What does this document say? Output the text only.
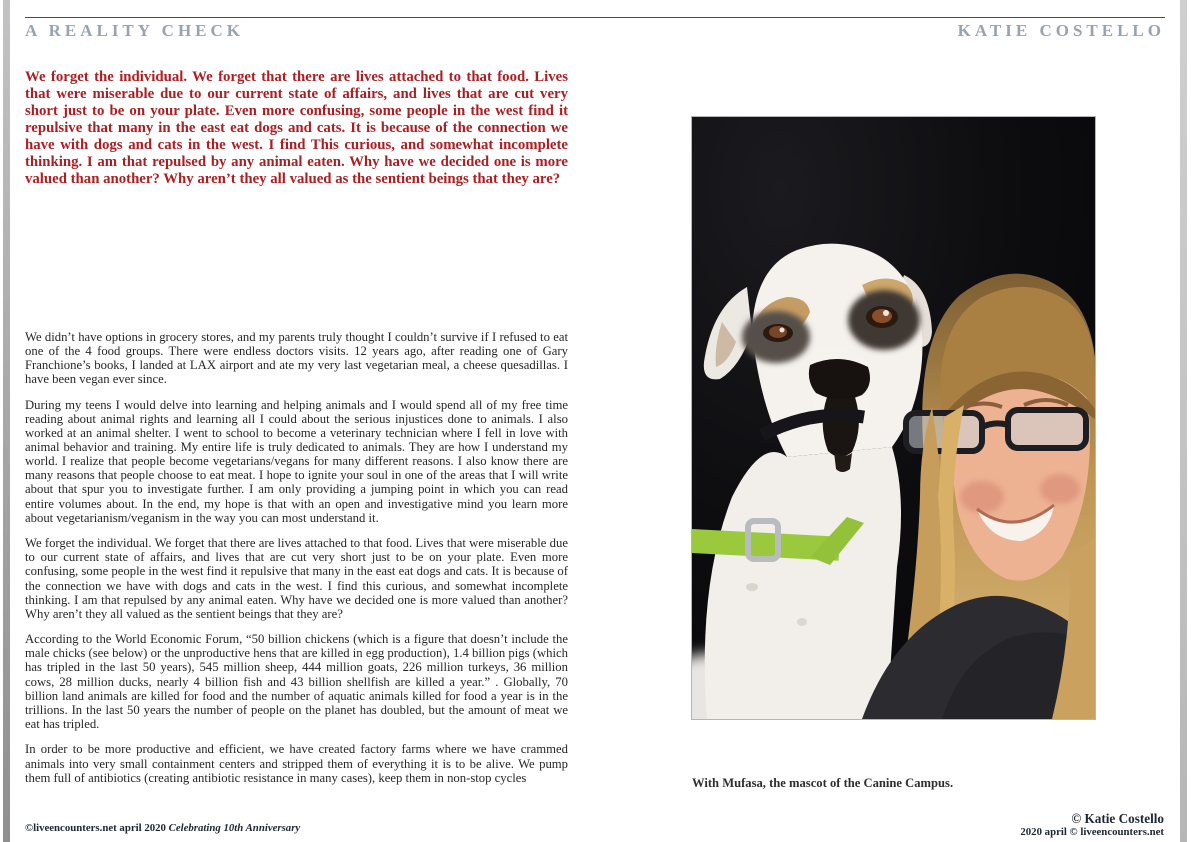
A REALITY CHECK	KATIE COSTELLO
We forget the individual. We forget that there are lives attached to that food. Lives that were miserable due to our current state of affairs, and lives that are cut very short just to be on your plate. Even more confusing, some people in the west find it repulsive that many in the east eat dogs and cats. It is because of the connection we have with dogs and cats in the west. I find This curious, and somewhat incomplete thinking. I am that repulsed by any animal eaten. Why have we decided one is more valued than another? Why aren’t they all valued as the sentient beings that they are?

We didn’t have options in grocery stores, and my parents truly thought I couldn’t survive if I refused to eat one of the 4 food groups. There were endless doctors visits. 12 years ago, after reading one of Gary Franchione’s books, I landed at LAX airport and ate my very last vegetarian meal, a cheese quesadillas. I have been vegan ever since.

During my teens I would delve into learning and helping animals and I would spend all of my free time reading about animal rights and learning all I could about the serious injustices done to animals. I also worked at an animal shelter. I went to school to become a veterinary technician where I fell in love with animal behavior and training. My entire life is truly dedicated to animals. They are how I understand my world. I realize that people become vegetarians/vegans for many different reasons. I also know there are many reasons that people choose to eat meat. I hope to ignite your soul in one of the areas that I will write about that spur you to investigate further. I am only providing a jumping point in which you can read entire volumes about. In the end, my hope is that with an open and investigative mind you learn more about vegetarianism/veganism in the way you can most understand it.

We forget the individual. We forget that there are lives attached to that food. Lives that were miserable due to our current state of affairs, and lives that are cut very short just to be on your plate. Even more confusing, some people in the west find it repulsive that many in the east eat dogs and cats. It is because of the connection we have with dogs and cats in the west. I find this curious, and somewhat incomplete thinking. I am that repulsed by any animal eaten. Why have we decided one is more valued than another? Why aren’t they all valued as the sentient beings that they are?

According to the World Economic Forum, “50 billion chickens (which is a figure that doesn’t include the male chicks (see below) or the unproductive hens that are killed in egg production), 1.4 billion pigs (which has tripled in the last 50 years), 545 million sheep, 444 million goats, 226 million turkeys, 36 million cows, 28 million ducks, nearly 4 billion fish and 43 billion shellfish are killed a year.” . Globally, 70 billion land animals are killed for food and the number of aquatic animals killed for food a year is in the trillions. In the last 50 years the number of people on the planet has doubled, but the amount of meat we eat has tripled.

In order to be more productive and efficient, we have created factory farms where we have crammed animals into very small containment centers and stripped them of everything it is to be alive. We pump them full of antibiotics (creating antibiotic resistance in many cases), keep them in non-stop cycles	With Mufasa, the mascot of the Canine Campus.
©liveencounters.net april 2020 Celebrating 10th Anniversary
© Katie Costello
2020 april © liveencounters.net
